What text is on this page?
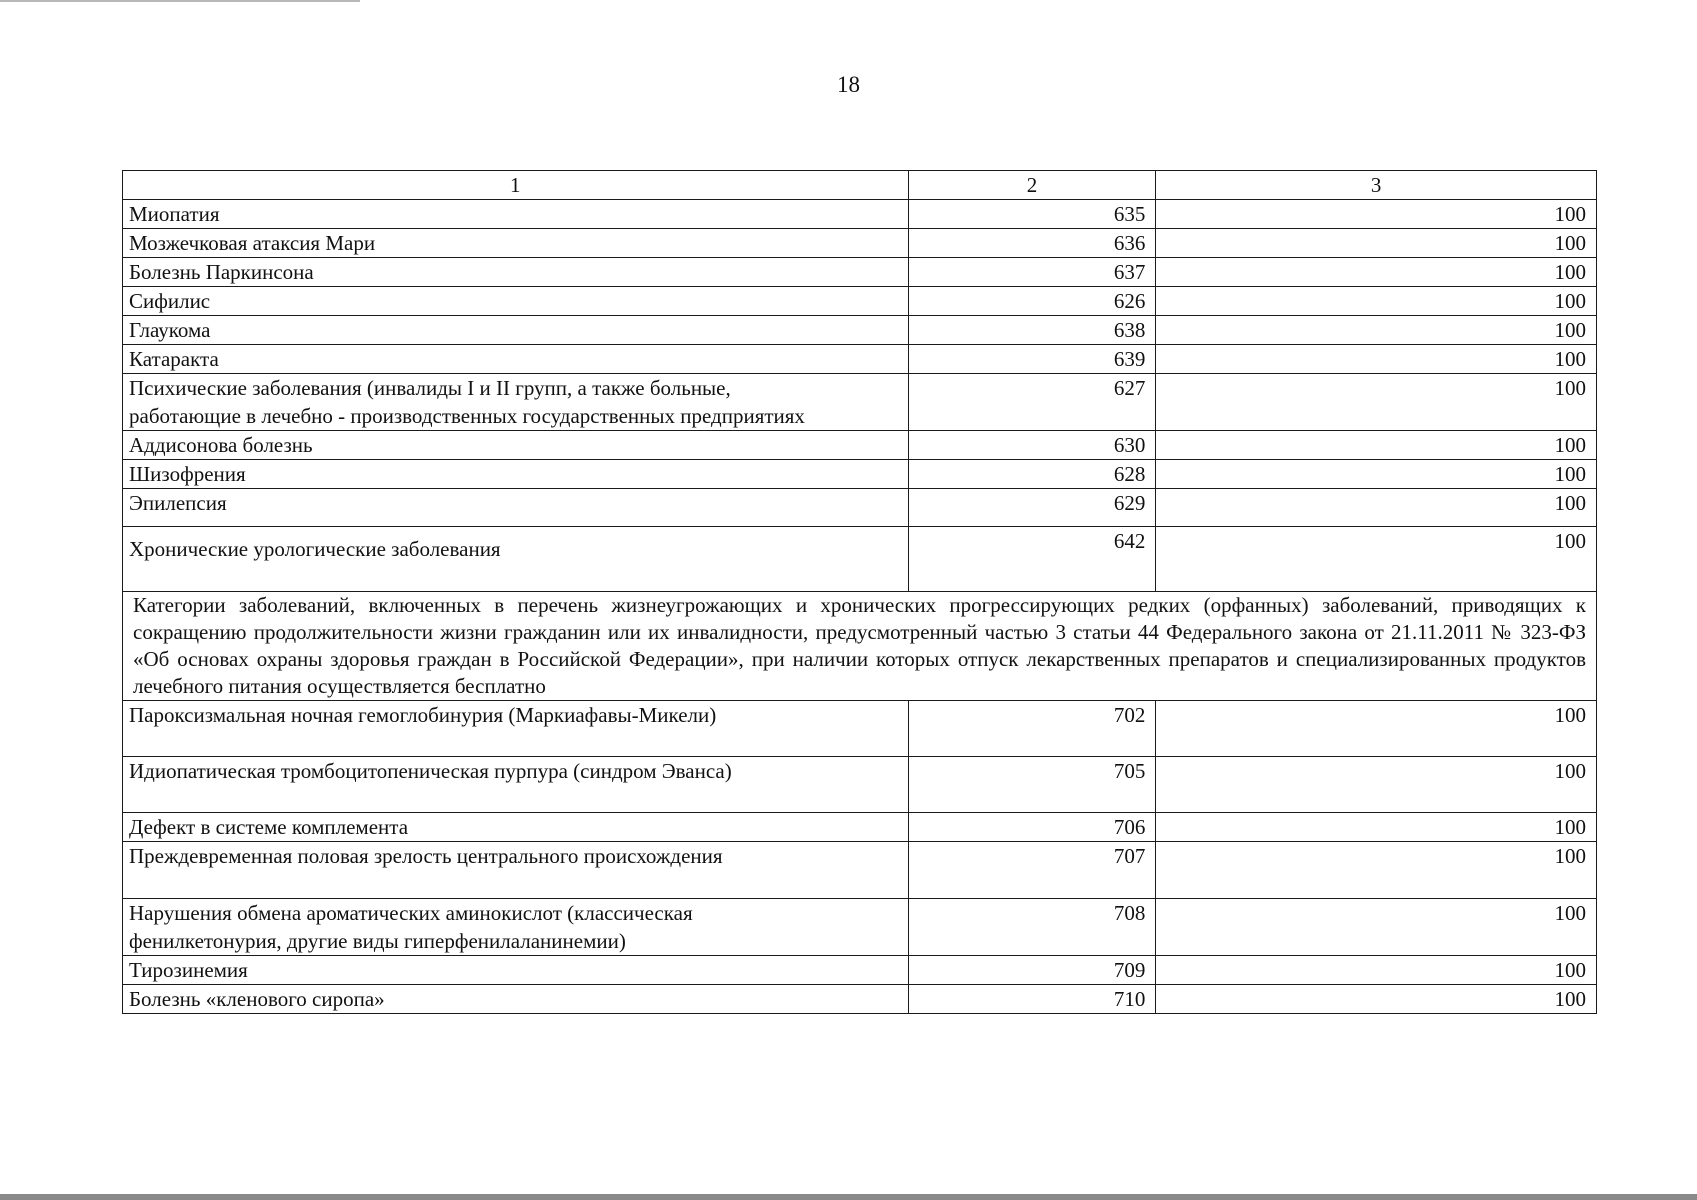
18
1	2	3
Миопатия	635	100
Мозжечковая атаксия Мари	636	100
Болезнь Паркинсона	637	100
Сифилис	626	100
Глаукома	638	100
Катаракта	639	100
Психические заболевания (инвалиды I и II групп, а также больные, работающие в лечебно - производственных государственных предприятиях	627	100
Аддисонова болезнь	630	100
Шизофрения	628	100
Эпилепсия	629	100
Хронические урологические заболевания	642	100
Категории заболеваний, включенных в перечень жизнеугрожающих и хронических прогрессирующих редких (орфанных) заболеваний, приводящих к сокращению продолжительности жизни гражданин или их инвалидности, предусмотренный частью 3 статьи 44 Федерального закона от 21.11.2011 № 323-ФЗ «Об основах охраны здоровья граждан в Российской Федерации», при наличии которых отпуск лекарственных препаратов и специализированных продуктов лечебного питания осуществляется бесплатно		
Пароксизмальная ночная гемоглобинурия (Маркиафавы-Микели)	702	100
Идиопатическая тромбоцитопеническая пурпура (синдром Эванса)	705	100
Дефект в системе комплемента	706	100
Преждевременная половая зрелость центрального происхождения	707	100
Нарушения обмена ароматических аминокислот (классическая фенилкетонурия, другие виды гиперфенилаланинемии)	708	100
Тирозинемия	709	100
Болезнь «кленового сиропа»	710	100
